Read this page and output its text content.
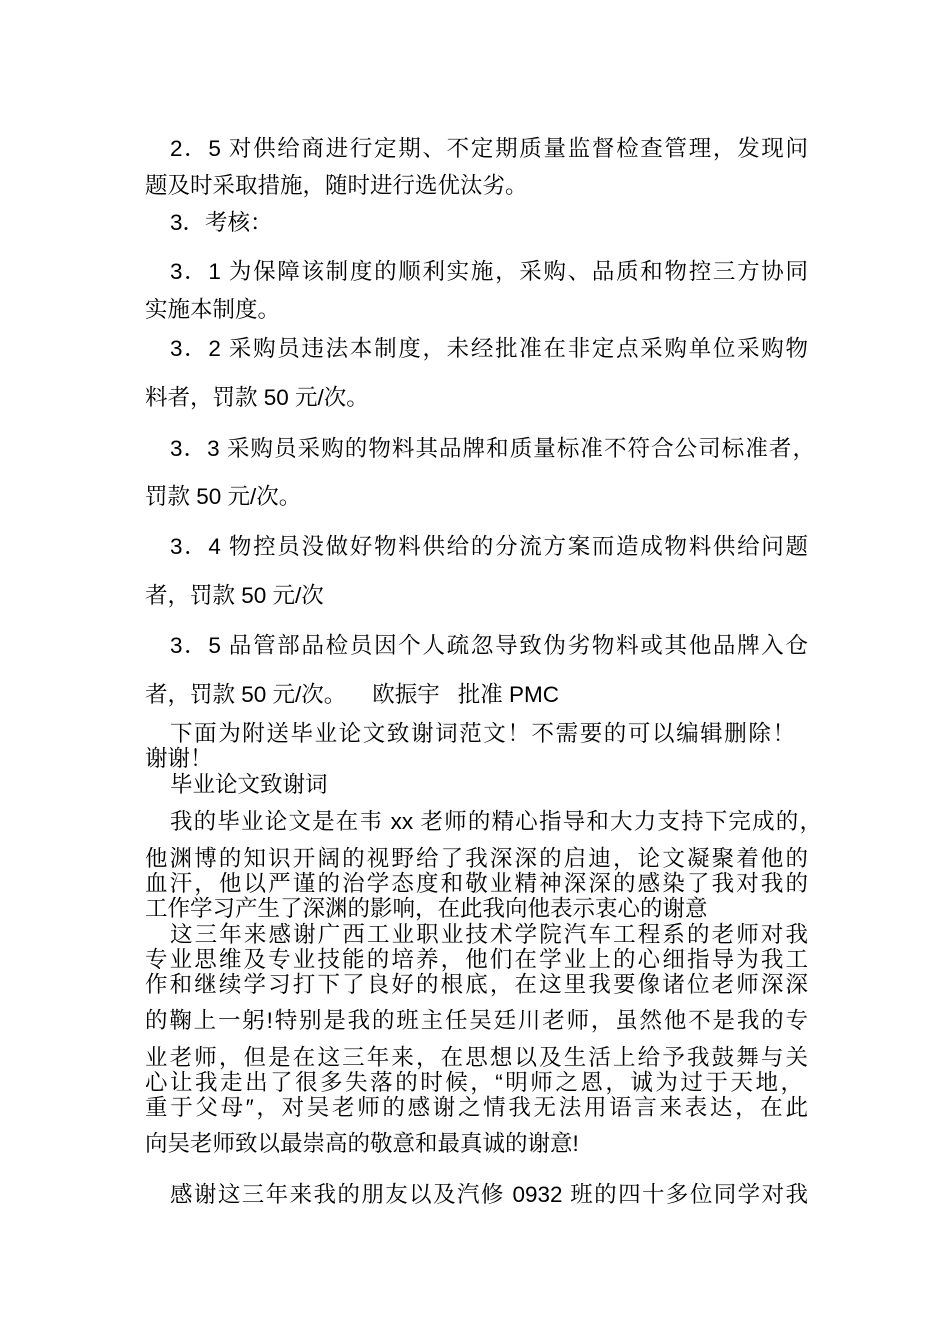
2．5 对供给商进行定期、不定期质量监督检查管理，发现问
题及时采取措施，随时进行选优汰劣。
3．考核：
3．1 为保障该制度的顺利实施，采购、品质和物控三方协同
实施本制度。
3．2 采购员违法本制度，未经批准在非定点采购单位采购物
料者，罚款 50 元/次。
3．3 采购员采购的物料其品牌和质量标准不符合公司标准者，
罚款 50 元/次。
3．4 物控员没做好物料供给的分流方案而造成物料供给问题
者，罚款 50 元/次
3．5 品管部品检员因个人疏忽导致伪劣物料或其他品牌入仓
者，罚款 50 元/次。 欧振宇 批准 PMC
下面为附送毕业论文致谢词范文！不需要的可以编辑删除！
谢谢！
毕业论文致谢词
我的毕业论文是在韦 xx 老师的精心指导和大力支持下完成的，
他渊博的知识开阔的视野给了我深深的启迪，论文凝聚着他的
血汗，他以严谨的治学态度和敬业精神深深的感染了我对我的
工作学习产生了深渊的影响，在此我向他表示衷心的谢意
这三年来感谢广西工业职业技术学院汽车工程系的老师对我
专业思维及专业技能的培养，他们在学业上的心细指导为我工
作和继续学习打下了良好的根底，在这里我要像诸位老师深深
的鞠上一躬!特别是我的班主任吴廷川老师，虽然他不是我的专
业老师，但是在这三年来，在思想以及生活上给予我鼓舞与关
心让我走出了很多失落的时候，“明师之恩，诚为过于天地，
重于父母″，对吴老师的感谢之情我无法用语言来表达，在此
向吴老师致以最崇高的敬意和最真诚的谢意!
感谢这三年来我的朋友以及汽修 0932 班的四十多位同学对我
